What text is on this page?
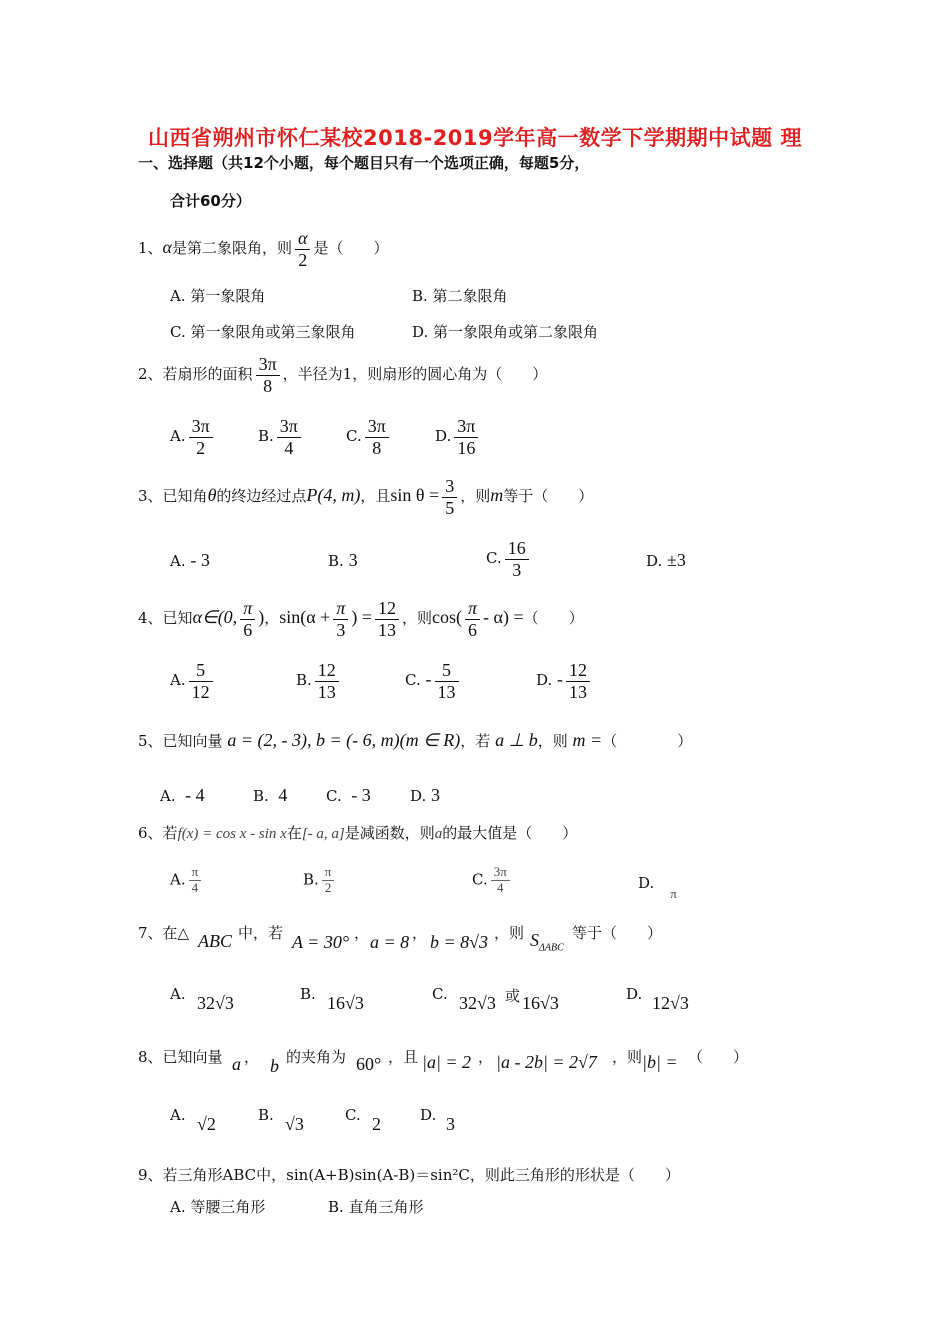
山西省朔州市怀仁某校2018-2019学年高一数学下学期期中试题 理
一、选择题（共12个小题，每个题目只有一个选项正确，每题5分，
合计60分）
1、α是第二象限角，则 $\frac{\alpha}{2}$ 是（　　）
A. 第一象限角	B. 第二象限角
C. 第一象限角或第三象限角	D. 第一象限角或第二象限角
2、若扇形的面积 $\frac{3\pi}{8}$ ，半径为1，则扇形的圆心角为（　　）
A. $\frac{3\pi}{2}$	B. $\frac{3\pi}{4}$	C. $\frac{3\pi}{8}$	D. $\frac{3\pi}{16}$
3、已知角θ的终边经过点P(4, m)，且$\sin \theta = \frac{3}{5}$ ，则m等于（　　）
A. - 3	B. 3	C. $\frac{16}{3}$	D. ±3
4、已知α∈(0, $\frac{\pi}{6}$ )，$\sin(\alpha + \frac{\pi}{3}$ ) = $\frac{12}{13}$ ，则$\cos( \frac{\pi}{6} - \alpha)$ =（　　）
A. $\frac{5}{12}$	B. $\frac{12}{13}$	C. - $\frac{5}{13}$	D. - $\frac{12}{13}$
5、已知向量 a = (2, - 3), b = (- 6, m)(m ∈ R)，若 a ⊥ b，则 m =（　　　　）
A. - 4	B. 4	C. - 3	D. 3
6、若f(x) = cos x - sin x在[- a, a]是减函数，则a的最大值是（　　）
A. $\frac{\pi}{4}$	B. $\frac{\pi}{2}$	C. $\frac{3\pi}{4}$	D.π
7、在△ ABC 中，若 A = 30° ， a = 8 ， b = 8√3 ，则 $S_{\Delta ABC}$
等于（　　）
A. 32√3	B. 16√3	C. 32√3 或 16√3	D. 12√3
8、已知向量 a ， b 的夹角为 60° ，且 |a| = 2 ， |a - 2b| = 2√7 ，则 |b| = （　　）
A. √2	B. √3	C. 2	D. 3
9、若三角形ABC中，sin(A+B)sin(A-B)＝sin²C，则此三角形的形状是（　　）
A. 等腰三角形	B. 直角三角形
